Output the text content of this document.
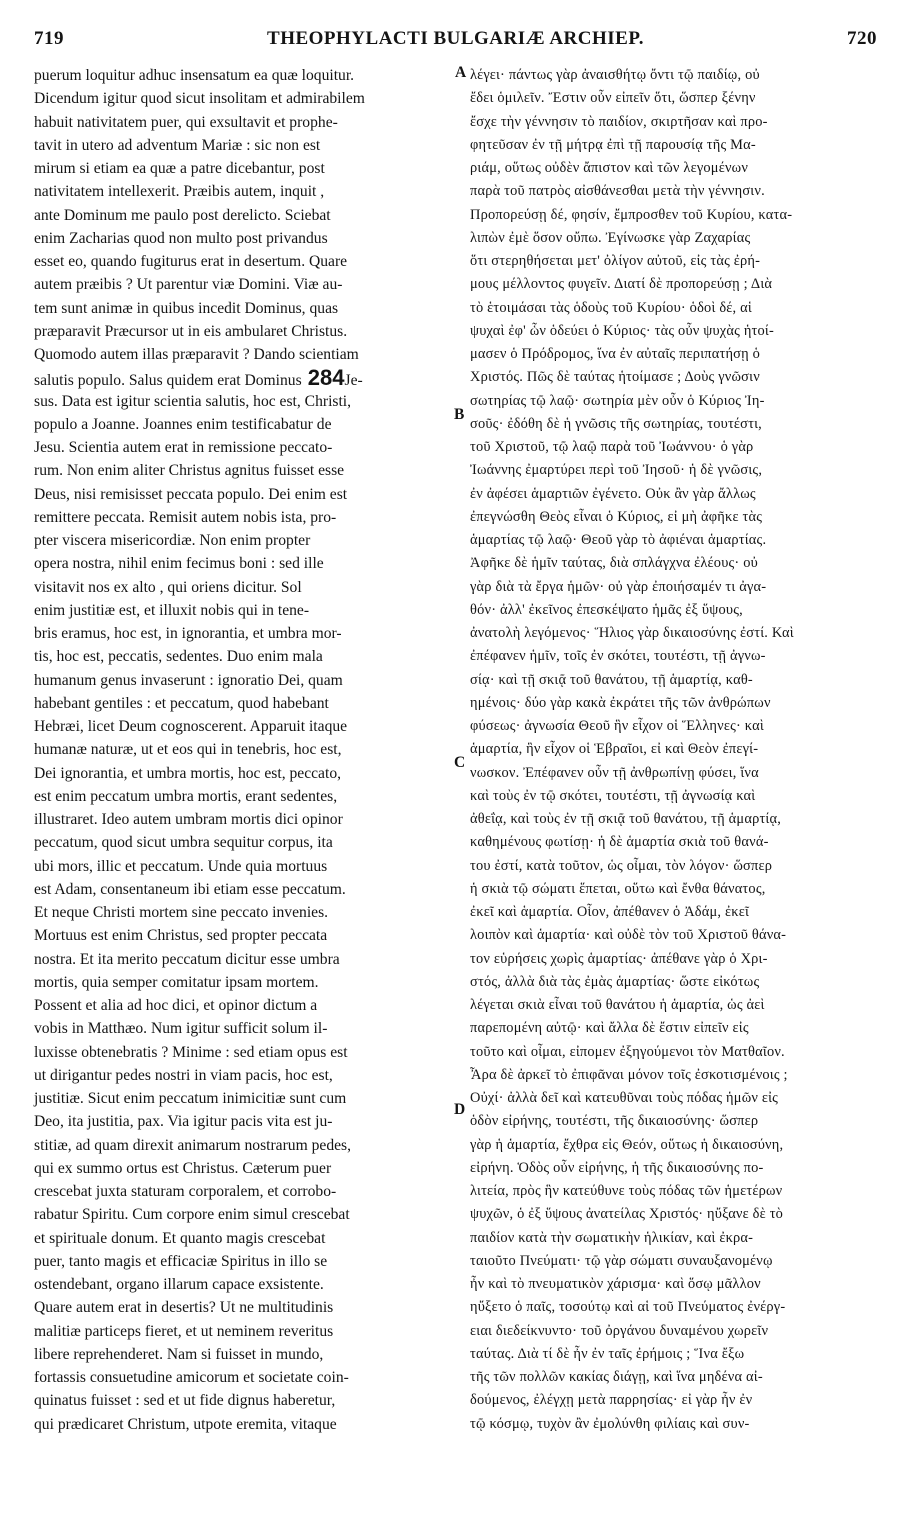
719	THEOPHYLACTI BULGARIÆ ARCHIEP.	720
puerum loquitur adhuc insensatum ea quæ loquitur.
Dicendum igitur quod sicut insolitam et admirabilem
habuit nativitatem puer, qui exsultavit et prophe-
tavit in utero ad adventum Mariæ : sic non est
mirum si etiam ea quæ a patre dicebantur, post
nativitatem intellexerit. Præibis autem, inquit ,
ante Dominum me paulo post derelicto. Sciebat
enim Zacharias quod non multo post privandus
esset eo, quando fugiturus erat in desertum. Quare
autem præibis ? Ut parentur viæ Domini. Viæ au-
tem sunt animæ in quibus incedit Dominus, quas
præparavit Præcursor ut in eis ambularet Christus.
Quomodo autem illas præparavit ? Dando scientiam
salutis populo. Salus quidem erat Dominus 284Je-
sus. Data est igitur scientia salutis, hoc est, Christi,
populo a Joanne. Joannes enim testificabatur de
Jesu. Scientia autem erat in remissione peccato-
rum. Non enim aliter Christus agnitus fuisset esse
Deus, nisi remisisset peccata populo. Dei enim est
remittere peccata. Remisit autem nobis ista, pro-
pter viscera misericordiæ. Non enim propter
opera nostra, nihil enim fecimus boni : sed ille
visitavit nos ex alto , qui oriens dicitur. Sol
enim justitiæ est, et illuxit nobis qui in tene-
bris eramus, hoc est, in ignorantia, et umbra mor-
tis, hoc est, peccatis, sedentes. Duo enim mala
humanum genus invaserunt : ignoratio Dei, quam
habebant gentiles : et peccatum, quod habebant
Hebræi, licet Deum cognoscerent. Apparuit itaque
humanæ naturæ, ut et eos qui in tenebris, hoc est,
Dei ignorantia, et umbra mortis, hoc est, peccato,
est enim peccatum umbra mortis, erant sedentes,
illustraret. Ideo autem umbram mortis dici opinor
peccatum, quod sicut umbra sequitur corpus, ita
ubi mors, illic et peccatum. Unde quia mortuus
est Adam, consentaneum ibi etiam esse peccatum.
Et neque Christi mortem sine peccato invenies.
Mortuus est enim Christus, sed propter peccata
nostra. Et ita merito peccatum dicitur esse umbra
mortis, quia semper comitatur ipsam mortem.
Possent et alia ad hoc dici, et opinor dictum a
vobis in Matthæo. Num igitur sufficit solum il-
luxisse obtenebratis ? Minime : sed etiam opus est
ut dirigantur pedes nostri in viam pacis, hoc est,
justitiæ. Sicut enim peccatum inimicitiæ sunt cum
Deo, ita justitia, pax. Via igitur pacis vita est ju-
stitiæ, ad quam direxit animarum nostrarum pedes,
qui ex summo ortus est Christus. Cæterum puer
crescebat juxta staturam corporalem, et corrobo-
rabatur Spiritu. Cum corpore enim simul crescebat
et spirituale donum. Et quanto magis crescebat
puer, tanto magis et efficaciæ Spiritus in illo se
ostendebant, organo illarum capace exsistente.
Quare autem erat in desertis? Ut ne multitudinis
malitiæ particeps fieret, et ut neminem reveritus
libere reprehenderet. Nam si fuisset in mundo,
fortassis consuetudine amicorum et societate coin-
quinatus fuisset : sed et ut fide dignus haberetur,
qui prædicaret Christum, utpote eremita, vitaque
λέγει· πάντως γὰρ ἀναισθήτῳ ὄντι τῷ παιδίῳ, οὐ
ἔδει ὁμιλεῖν. Ἔστιν οὖν εἰπεῖν ὅτι, ὥσπερ ξένην
ἔσχε τὴν γέννησιν τὸ παιδίον, σκιρτῆσαν καὶ προ-
φητεῦσαν ἐν τῇ μήτρᾳ ἐπὶ τῇ παρουσίᾳ τῆς Μα-
ριάμ, οὕτως οὐδὲν ἄπιστον καὶ τῶν λεγομένων
παρὰ τοῦ πατρὸς αἰσθάνεσθαι μετὰ τὴν γέννησιν.
Προπορεύσῃ δέ, φησίν, ἔμπροσθεν τοῦ Κυρίου, κατα-
λιπὼν ἐμὲ ὅσον οὔπω. Ἐγίνωσκε γὰρ Ζαχαρίας
ὅτι στερηθήσεται μετ' ὀλίγον αὐτοῦ, εἰς τὰς ἐρή-
μους μέλλοντος φυγεῖν. Διατί δὲ προπορεύσῃ ; Διὰ
τὸ ἑτοιμάσαι τὰς ὁδοὺς τοῦ Κυρίου· ὁδοὶ δέ, αἱ
ψυχαὶ ἐφ' ὧν ὁδεύει ὁ Κύριος· τὰς οὖν ψυχὰς ἡτοί-
μασεν ὁ Πρόδρομος, ἵνα ἐν αὐταῖς περιπατήσῃ ὁ
Χριστός. Πῶς δὲ ταύτας ἡτοίμασε ; Δοὺς γνῶσιν
σωτηρίας τῷ λαῷ· σωτηρία μὲν οὖν ὁ Κύριος Ἰη-
σοῦς· ἐδόθη δὲ ἡ γνῶσις τῆς σωτηρίας, τουτέστι,
τοῦ Χριστοῦ, τῷ λαῷ παρὰ τοῦ Ἰωάννου· ὁ γὰρ
Ἰωάννης ἐμαρτύρει περὶ τοῦ Ἰησοῦ· ἡ δὲ γνῶσις,
ἐν ἀφέσει ἁμαρτιῶν ἐγένετο. Οὐκ ἂν γὰρ ἄλλως
ἐπεγνώσθη Θεὸς εἶναι ὁ Κύριος, εἰ μὴ ἀφῆκε τὰς
ἁμαρτίας τῷ λαῷ· Θεοῦ γὰρ τὸ ἀφιέναι ἁμαρτίας.
Ἀφῆκε δὲ ἡμῖν ταύτας, διὰ σπλάγχνα ἐλέους· οὐ
γὰρ διὰ τὰ ἔργα ἡμῶν· οὐ γὰρ ἐποιήσαμέν τι ἀγα-
θόν· ἀλλ' ἐκεῖνος ἐπεσκέψατο ἡμᾶς ἐξ ὕψους,
ἀνατολὴ λεγόμενος· Ἥλιος γὰρ δικαιοσύνης ἐστί. Καὶ
ἐπέφανεν ἡμῖν, τοῖς ἐν σκότει, τουτέστι, τῇ ἀγνω-
σίᾳ· καὶ τῇ σκιᾷ τοῦ θανάτου, τῇ ἁμαρτίᾳ, καθ-
ημένοις· δύο γὰρ κακὰ ἐκράτει τῆς τῶν ἀνθρώπων
φύσεως· ἀγνωσία Θεοῦ ἣν εἶχον οἱ Ἕλληνες· καὶ
ἁμαρτία, ἣν εἶχον οἱ Ἑβραῖοι, εἰ καὶ Θεὸν ἐπεγί-
νωσκον. Ἐπέφανεν οὖν τῇ ἀνθρωπίνῃ φύσει, ἵνα
καὶ τοὺς ἐν τῷ σκότει, τουτέστι, τῇ ἀγνωσίᾳ καὶ
ἀθεΐᾳ, καὶ τοὺς ἐν τῇ σκιᾷ τοῦ θανάτου, τῇ ἁμαρτίᾳ,
καθημένους φωτίσῃ· ἡ δὲ ἁμαρτία σκιὰ τοῦ θανά-
του ἐστί, κατὰ τοῦτον, ὡς οἶμαι, τὸν λόγον· ὥσπερ
ἡ σκιὰ τῷ σώματι ἕπεται, οὕτω καὶ ἔνθα θάνατος,
ἐκεῖ καὶ ἁμαρτία. Οἷον, ἀπέθανεν ὁ Ἀδάμ, ἐκεῖ
λοιπὸν καὶ ἁμαρτία· καὶ οὐδὲ τὸν τοῦ Χριστοῦ θάνα-
τον εὑρήσεις χωρὶς ἁμαρτίας· ἀπέθανε γὰρ ὁ Χρι-
στός, ἀλλὰ διὰ τὰς ἐμὰς ἁμαρτίας· ὥστε εἰκότως
λέγεται σκιὰ εἶναι τοῦ θανάτου ἡ ἁμαρτία, ὡς ἀεὶ
παρεπομένη αὐτῷ· καὶ ἄλλα δὲ ἔστιν εἰπεῖν εἰς
τοῦτο καὶ οἶμαι, εἰπομεν ἐξηγούμενοι τὸν Ματθαῖον.
Ἆρα δὲ ἀρκεῖ τὸ ἐπιφᾶναι μόνον τοῖς ἐσκοτισμένοις ;
Οὐχί· ἀλλὰ δεῖ καὶ κατευθῦναι τοὺς πόδας ἡμῶν εἰς
ὁδὸν εἰρήνης, τουτέστι, τῆς δικαιοσύνης· ὥσπερ
γὰρ ἡ ἁμαρτία, ἔχθρα εἰς Θεόν, οὕτως ἡ δικαιοσύνη,
εἰρήνη. Ὁδὸς οὖν εἰρήνης, ἡ τῆς δικαιοσύνης πο-
λιτεία, πρὸς ἣν κατεύθυνε τοὺς πόδας τῶν ἡμετέρων
ψυχῶν, ὁ ἐξ ὕψους ἀνατείλας Χριστός· ηὔξανε δὲ τὸ
παιδίον κατὰ τὴν σωματικὴν ἡλικίαν, καὶ ἐκρα-
ταιοῦτο Πνεύματι· τῷ γὰρ σώματι συναυξανομένῳ
ἦν καὶ τὸ πνευματικὸν χάρισμα· καὶ ὅσῳ μᾶλλον
ηὔξετο ὁ παῖς, τοσούτῳ καὶ αἱ τοῦ Πνεύματος ἐνέργ-
ειαι διεδείκνυντο· τοῦ ὀργάνου δυναμένου χωρεῖν
ταύτας. Διὰ τί δὲ ἦν ἐν ταῖς ἐρήμοις ; Ἵνα ἔξω
τῆς τῶν πολλῶν κακίας διάγῃ, καὶ ἵνα μηδένα αἰ-
δούμενος, ἐλέγχῃ μετὰ παρρησίας· εἰ γὰρ ἦν ἐν
τῷ κόσμῳ, τυχὸν ἂν ἐμολύνθη φιλίαις καὶ συν-
A
B
C
D
